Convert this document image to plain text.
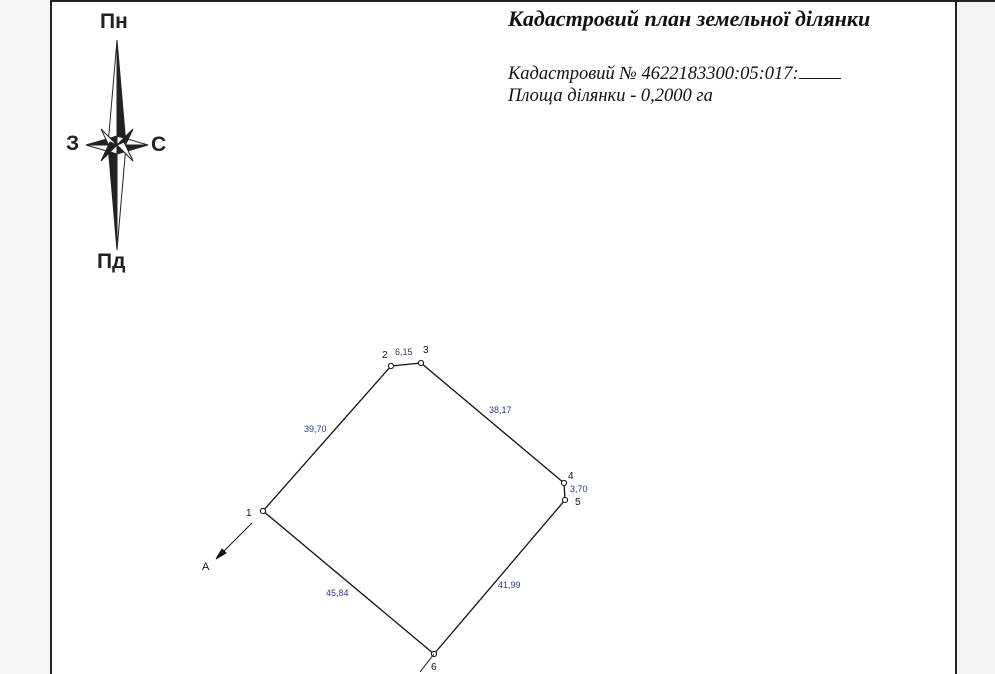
Кадастровий план земельної ділянки
Кадастровий № 4622183300:05:017:
Площа ділянки - 0,2000 га
Пн
Пд
З	С
1
2	3
4
5
6
А
39,70
6,15
38,17
3,70
41,99
45,84
